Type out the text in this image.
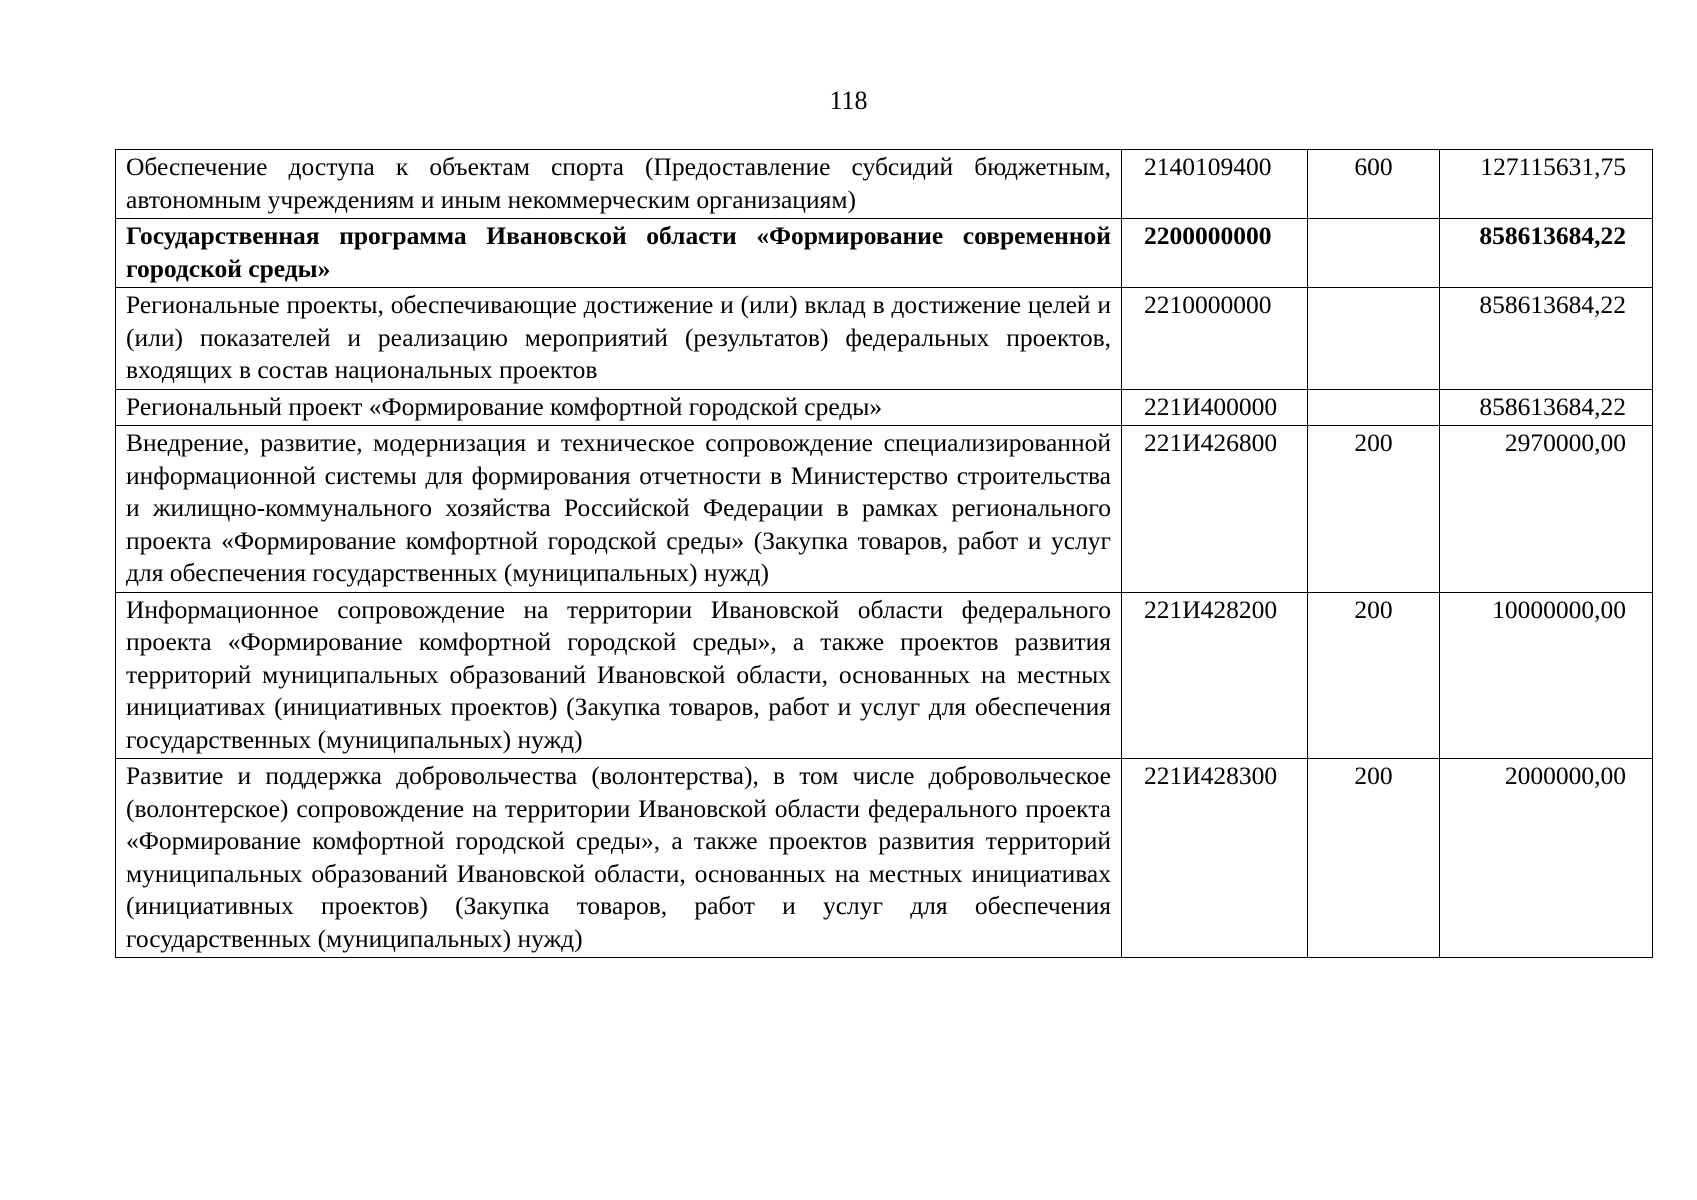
118
Обеспечение доступа к объектам спорта (Предоставление субсидий бюджетным, автономным учреждениям и иным некоммерческим организациям)	2140109400	600	127115631,75
Государственная программа Ивановской области «Формирование современной городской среды»	2200000000		858613684,22
Региональные проекты, обеспечивающие достижение и (или) вклад в достижение целей и (или) показателей и реализацию мероприятий (результатов) федеральных проектов, входящих в состав национальных проектов	2210000000		858613684,22
Региональный проект «Формирование комфортной городской среды»	221И400000		858613684,22
Внедрение, развитие, модернизация и техническое сопровождение специализированной информационной системы для формирования отчетности в Министерство строительства и жилищно-коммунального хозяйства Российской Федерации в рамках регионального проекта «Формирование комфортной городской среды» (Закупка товаров, работ и услуг для обеспечения государственных (муниципальных) нужд)	221И426800	200	2970000,00
Информационное сопровождение на территории Ивановской области федерального проекта «Формирование комфортной городской среды», а также проектов развития территорий муниципальных образований Ивановской области, основанных на местных инициативах (инициативных проектов) (Закупка товаров, работ и услуг для обеспечения государственных (муниципальных) нужд)	221И428200	200	10000000,00
Развитие и поддержка добровольчества (волонтерства), в том числе добровольческое (волонтерское) сопровождение на территории Ивановской области федерального проекта «Формирование комфортной городской среды», а также проектов развития территорий муниципальных образований Ивановской области, основанных на местных инициативах (инициативных проектов) (Закупка товаров, работ и услуг для обеспечения государственных (муниципальных) нужд)	221И428300	200	2000000,00
